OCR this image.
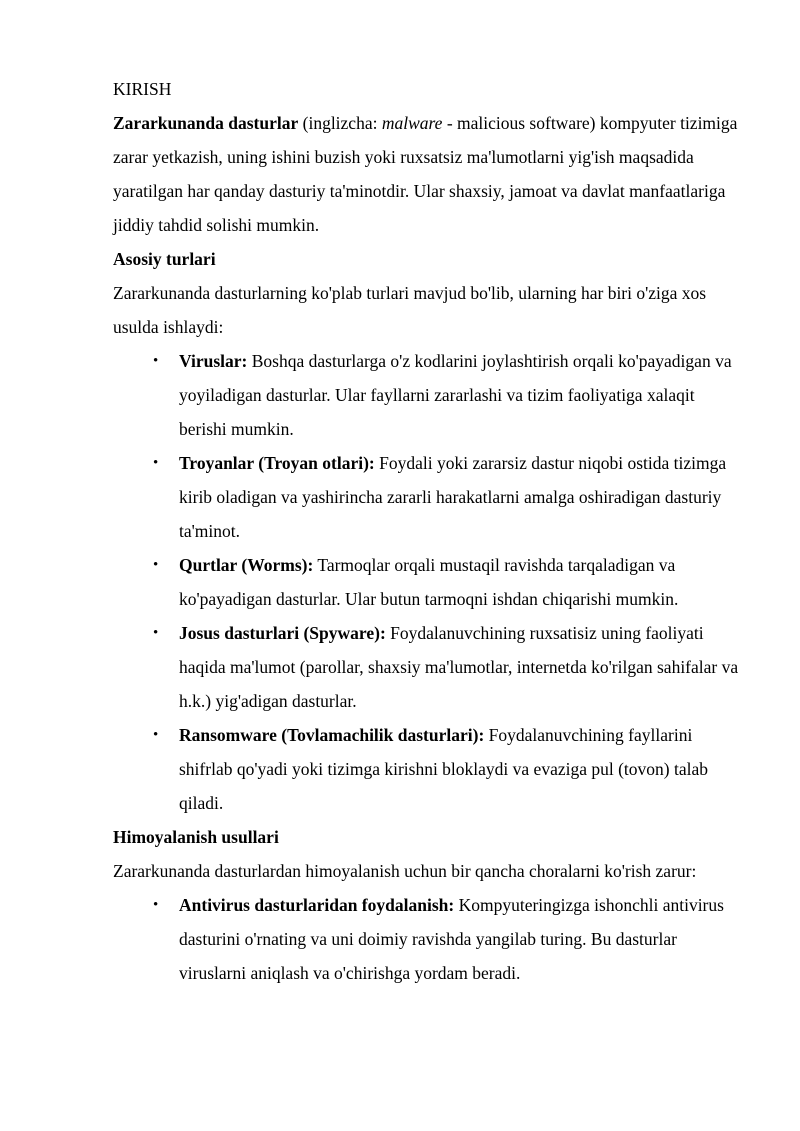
KIRISH

Zararkunanda dasturlar (inglizcha: malware - malicious software) kompyuter tizimiga zarar yetkazish, uning ishini buzish yoki ruxsatsiz ma'lumotlarni yig'ish maqsadida yaratilgan har qanday dasturiy ta'minotdir. Ular shaxsiy, jamoat va davlat manfaatlariga jiddiy tahdid solishi mumkin.

Asosiy turlari

Zararkunanda dasturlarning ko'plab turlari mavjud bo'lib, ularning har biri o'ziga xos usulda ishlaydi:

• Viruslar: Boshqa dasturlarga o'z kodlarini joylashtirish orqali ko'payadigan va yoyiladigan dasturlar. Ular fayllarni zararlashi va tizim faoliyatiga xalaqit berishi mumkin.
• Troyanlar (Troyan otlari): Foydali yoki zararsiz dastur niqobi ostida tizimga kirib oladigan va yashirincha zararli harakatlarni amalga oshiradigan dasturiy ta'minot.
• Qurtlar (Worms): Tarmoqlar orqali mustaqil ravishda tarqaladigan va ko'payadigan dasturlar. Ular butun tarmoqni ishdan chiqarishi mumkin.
• Josus dasturlari (Spyware): Foydalanuvchining ruxsatisiz uning faoliyati haqida ma'lumot (parollar, shaxsiy ma'lumotlar, internetda ko'rilgan sahifalar va h.k.) yig'adigan dasturlar.
• Ransomware (Tovlamachilik dasturlari): Foydalanuvchining fayllarini shifrlab qo'yadi yoki tizimga kirishni bloklaydi va evaziga pul (tovon) talab qiladi.

Himoyalanish usullari

Zararkunanda dasturlardan himoyalanish uchun bir qancha choralarni ko'rish zarur:

• Antivirus dasturlaridan foydalanish: Kompyuteringizga ishonchli antivirus dasturini o'rnating va uni doimiy ravishda yangilab turing. Bu dasturlar viruslarni aniqlash va o'chirishga yordam beradi.
